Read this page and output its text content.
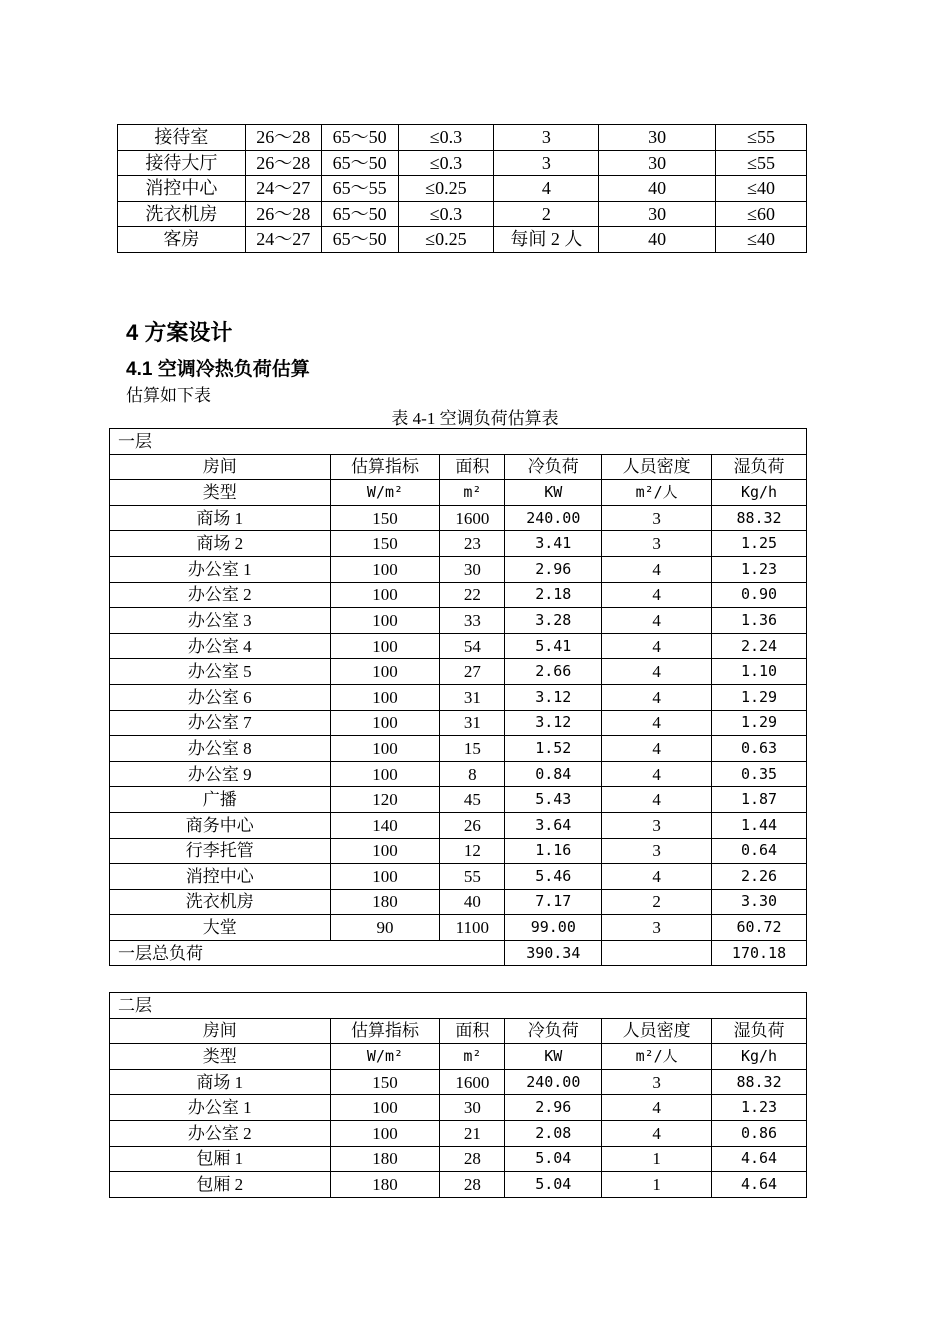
接待室	26～28	65～50	≤0.3	3	30	≤55
接待大厅	26～28	65～50	≤0.3	3	30	≤55
消控中心	24～27	65～55	≤0.25	4	40	≤40
洗衣机房	26～28	65～50	≤0.3	2	30	≤60
客房	24～27	65～50	≤0.25	每间 2 人	40	≤40
4 方案设计
4.1 空调冷热负荷估算
估算如下表
表 4-1 空调负荷估算表
一层					
房间	估算指标	面积	冷负荷	人员密度	湿负荷
类型	W/m²	m²	KW	m²/人	Kg/h
商场 1	150	1600	240.00	3	88.32
商场 2	150	23	3.41	3	1.25
办公室 1	100	30	2.96	4	1.23
办公室 2	100	22	2.18	4	0.90
办公室 3	100	33	3.28	4	1.36
办公室 4	100	54	5.41	4	2.24
办公室 5	100	27	2.66	4	1.10
办公室 6	100	31	3.12	4	1.29
办公室 7	100	31	3.12	4	1.29
办公室 8	100	15	1.52	4	0.63
办公室 9	100	8	0.84	4	0.35
广播	120	45	5.43	4	1.87
商务中心	140	26	3.64	3	1.44
行李托管	100	12	1.16	3	0.64
消控中心	100	55	5.46	4	2.26
洗衣机房	180	40	7.17	2	3.30
大堂	90	1100	99.00	3	60.72
一层总负荷			390.34		170.18
二层					
房间	估算指标	面积	冷负荷	人员密度	湿负荷
类型	W/m²	m²	KW	m²/人	Kg/h
商场 1	150	1600	240.00	3	88.32
办公室 1	100	30	2.96	4	1.23
办公室 2	100	21	2.08	4	0.86
包厢 1	180	28	5.04	1	4.64
包厢 2	180	28	5.04	1	4.64
